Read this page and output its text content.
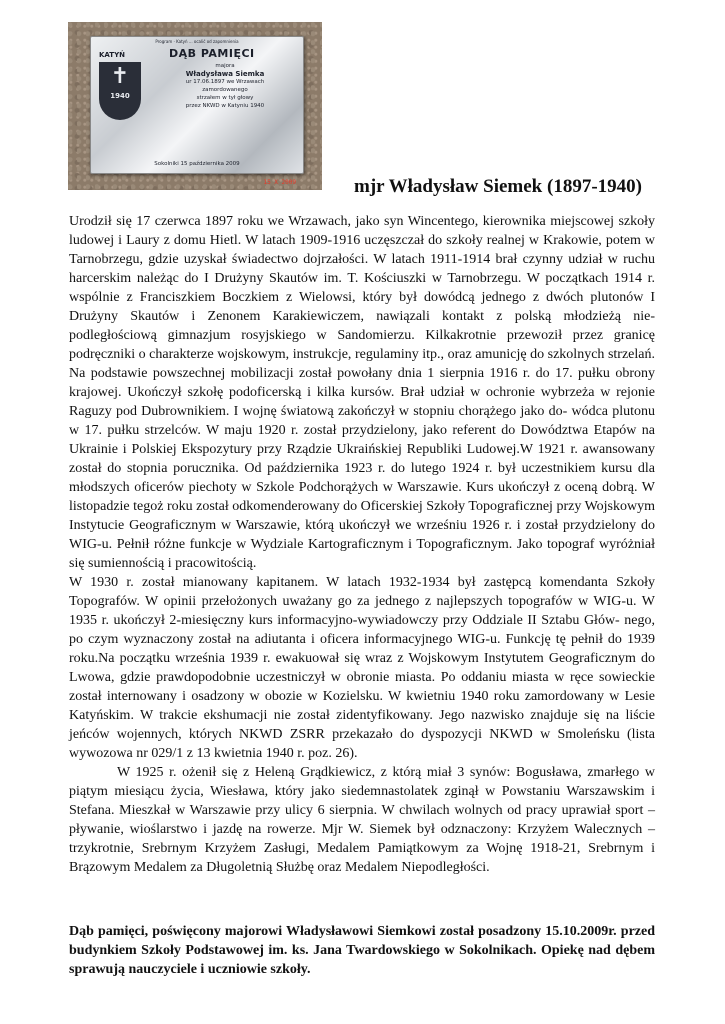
Program · Katyń ... ocalić od zapomnienia
KATYŃ	DĄB PAMIĘCI
✝
1940
majora
Władysława Siemka
ur 17.06.1897 we Wrzawach
zamordowanego
strzałem w tył głowy
przez NKWD w Katyniu 1940
Sokolniki 15 października 2009
15 X 2009	mjr Władysław Siemek (1897-1940)

Urodził się 17 czerwca 1897 roku we Wrzawach, jako syn Wincentego, kierownika miejscowej szkoły ludowej i Laury z domu Hietl. W latach 1909-1916 uczęszczał do szkoły realnej w Krakowie, potem w Tarnobrzegu, gdzie uzyskał świadectwo dojrzałości. W latach 1911-1914 brał czynny udział w ruchu harcerskim należąc do I Drużyny Skautów im. T. Kościuszki w Tarnobrzegu. W początkach 1914 r. wspólnie z Franciszkiem Boczkiem z Wielowsi, który był dowódcą jednego z dwóch plutonów I Drużyny Skautów i Zenonem Karakiewiczem, nawiązali kontakt z polską młodzieżą nie- podległościową gimnazjum rosyjskiego w Sandomierzu. Kilkakrotnie przewoził przez granicę podręczniki o charakterze wojskowym, instrukcje, regulaminy itp., oraz amunicję do szkolnych strzelań. Na podstawie powszechnej mobilizacji został powołany dnia 1 sierpnia 1916 r. do 17. pułku obrony krajowej. Ukończył szkołę podoficerską i kilka kursów. Brał udział w ochronie wybrzeża w rejonie Raguzy pod Dubrownikiem. I wojnę światową zakończył w stopniu chorążego jako do- wódca plutonu w 17. pułku strzelców. W maju 1920 r. został przydzielony, jako referent do Dowództwa Etapów na Ukrainie i Polskiej Ekspozytury przy Rządzie Ukraińskiej Republiki Ludowej.W 1921 r. awansowany został do stopnia porucznika. Od października 1923 r. do lutego 1924 r. był uczestnikiem kursu dla młodszych oficerów piechoty w Szkole Podchorążych w Warszawie. Kurs ukończył z oceną dobrą. W listopadzie tegoż roku został odkomenderowany do Oficerskiej Szkoły Topograficznej przy Wojskowym Instytucie Geograficznym w Warszawie, którą ukończył we wrześniu 1926 r. i został przydzielony do WIG-u. Pełnił różne funkcje w Wydziale Kartograficznym i Topograficznym. Jako topograf wyróżniał się sumiennością i pracowitością.

W 1930 r. został mianowany kapitanem. W latach 1932-1934 był zastępcą komendanta Szkoły Topografów. W opinii przełożonych uważany go za jednego z najlepszych topografów w WIG-u. W 1935 r. ukończył 2-miesięczny kurs informacyjno-wywiadowczy przy Oddziale II Sztabu Głów- nego, po czym wyznaczony został na adiutanta i oficera informacyjnego WIG-u. Funkcję tę pełnił do 1939 roku.Na początku września 1939 r. ewakuował się wraz z Wojskowym Instytutem Geograficznym do Lwowa, gdzie prawdopodobnie uczestniczył w obronie miasta. Po oddaniu miasta w ręce sowieckie został internowany i osadzony w obozie w Kozielsku. W kwietniu 1940 roku zamordowany w Lesie Katyńskim. W trakcie ekshumacji nie został zidentyfikowany. Jego nazwisko znajduje się na liście jeńców wojennych, których NKWD ZSRR przekazało do dyspozycji NKWD w Smoleńsku (lista wywozowa nr 029/1 z 13 kwietnia 1940 r. poz. 26).

W 1925 r. ożenił się z Heleną Grądkiewicz, z którą miał 3 synów: Bogusława, zmarłego w piątym miesiącu życia, Wiesława, który jako siedemnastolatek zginął w Powstaniu Warszawskim i Stefana. Mieszkał w Warszawie przy ulicy 6 sierpnia. W chwilach wolnych od pracy uprawiał sport – pływanie, wioślarstwo i jazdę na rowerze. Mjr W. Siemek był odznaczony: Krzyżem Walecznych – trzykrotnie, Srebrnym Krzyżem Zasługi, Medalem Pamiątkowym za Wojnę 1918-21, Srebrnym i Brązowym Medalem za Długoletnią Służbę oraz Medalem Niepodległości.

Dąb pamięci, poświęcony majorowi Władysławowi Siemkowi został posadzony 15.10.2009r. przed budynkiem Szkoły Podstawowej im. ks. Jana Twardowskiego w Sokolnikach. Opiekę nad dębem sprawują nauczyciele i uczniowie szkoły.
